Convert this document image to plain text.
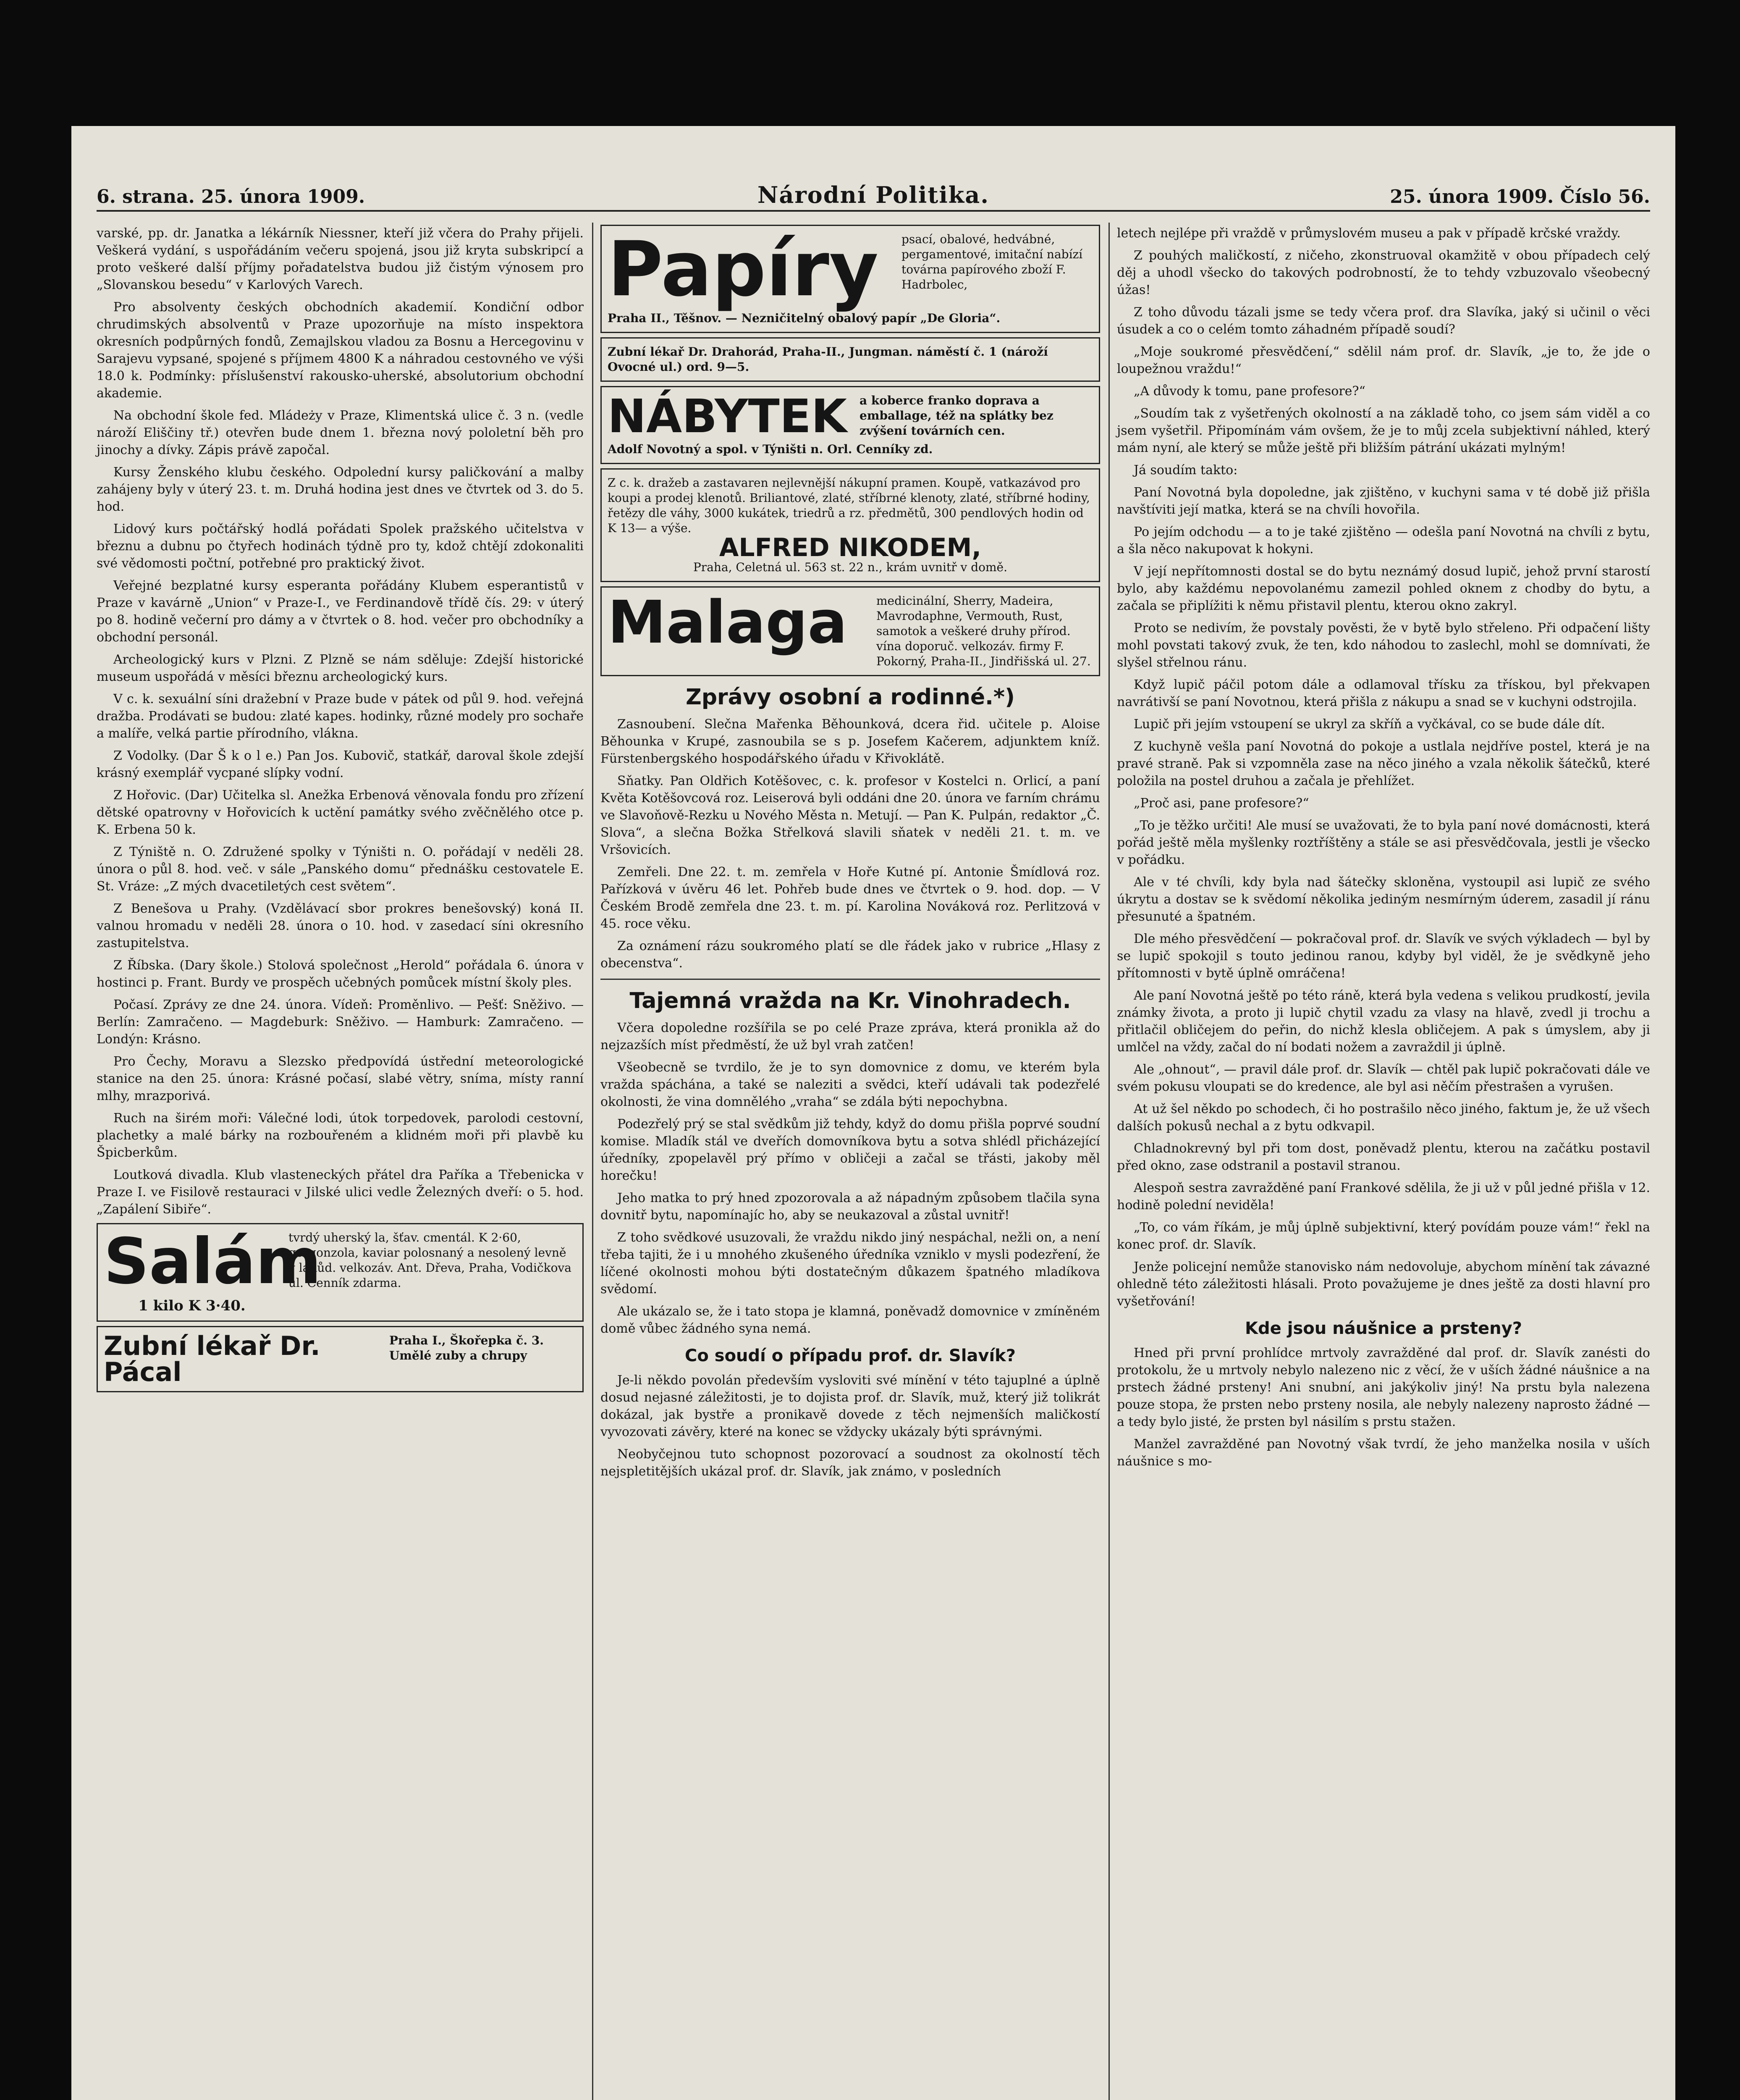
6. strana. 25. února 1909.	Národní Politika.	25. února 1909. Číslo 56.

varské, pp. dr. Janatka a lékárník Niessner, kteří již včera do Prahy přijeli. Veškerá vydání, s uspořádáním večeru spojená, jsou již kryta subskripcí a proto veškeré další příjmy pořadatelstva budou již čistým výnosem pro „Slovanskou besedu“ v Karlových Varech.

Pro absolventy českých obchodních akademií. Kondiční odbor chrudimských absolventů v Praze upozorňuje na místo inspektora okresních podpůrných fondů, Zemajlskou vladou za Bosnu a Hercegovinu v Sarajevu vypsané, spojené s příjmem 4800 K a náhradou cestovného ve výši 18.0 k. Podmínky: příslušenství rakousko-uherské, absolutorium obchodní akademie.

Na obchodní škole fed. Mládeży v Praze, Klimentská ulice č. 3 n. (vedle nároží Eliščiny tř.) otevřen bude dnem 1. března nový pololetní běh pro jinochy a dívky. Zápis právě započal.

Kursy Ženského klubu českého. Odpolední kursy paličkování a malby zahájeny byly v úterý 23. t. m. Druhá hodina jest dnes ve čtvrtek od 3. do 5. hod.

Lidový kurs počtářský hodlá pořádati Spolek pražského učitelstva v březnu a dubnu po čtyřech hodinách týdně pro ty, kdož chtějí zdokonaliti své vědomosti počtní, potřebné pro praktický život.

Veřejné bezplatné kursy esperanta pořádány Klubem esperantistů v Praze v kavárně „Union“ v Praze-I., ve Ferdinandově třídě čís. 29: v úterý po 8. hodině večerní pro dámy a v čtvrtek o 8. hod. večer pro obchodníky a obchodní personál.

Archeologický kurs v Plzni. Z Plzně se nám sděluje: Zdejší historické museum uspořádá v měsíci březnu archeologický kurs.

V c. k. sexuální síni dražební v Praze bude v pátek od půl 9. hod. veřejná dražba. Prodávati se budou: zlaté kapes. hodinky, různé modely pro sochaře a malíře, velká partie přírodního, vlákna.

Z Vodolky. (Dar Š k o l e.) Pan Jos. Kubovič, statkář, daroval škole zdejší krásný exemplář vycpané slípky vodní.

Z Hořovic. (Dar) Učitelka sl. Anežka Erbenová věnovala fondu pro zřízení dětské opatrovny v Hořovicích k uctění památky svého zvěčnělého otce p. K. Erbena 50 k.

Z Týniště n. O. Združené spolky v Týništi n. O. pořádají v neděli 28. února o půl 8. hod. več. v sále „Panského domu“ přednášku cestovatele E. St. Vráze: „Z mých dvacetiletých cest světem“.

Z Benešova u Prahy. (Vzdělávací sbor prokres benešovský) koná II. valnou hromadu v neděli 28. února o 10. hod. v zasedací síni okresního zastupitelstva.

Z Říbska. (Dary škole.) Stolová společnost „Herold“ pořádala 6. února v hostinci p. Frant. Burdy ve prospěch učebných pomůcek místní školy ples.

Počasí. Zprávy ze dne 24. února. Vídeň: Proměnlivo. — Pešť: Sněživo. — Berlín: Zamračeno. — Magdeburk: Sněživo. — Hamburk: Zamračeno. — Londýn: Krásno.

Pro Čechy, Moravu a Slezsko předpovídá ústřední meteorologické stanice na den 25. února: Krásné počasí, slabé větry, sníma, místy ranní mlhy, mrazporivá.

Ruch na širém moři: Válečné lodi, útok torpedovek, parolodi cestovní, plachetky a malé bárky na rozbouřeném a klidném moři při plavbě ku Špicberkům.

Loutková divadla. Klub vlasteneckých přátel dra Paříka a Třebenicka v Praze I. ve Fisilově restauraci v Jilské ulici vedle Železných dveří: o 5. hod. „Zapálení Sibiře“.

Salám
1 kilo K 3·40.
tvrdý uherský la, šťav. cmentál. K 2·60, gorgonzola, kaviar polosnaný a nesolený levně v lahůd. velkozáv. Ant. Dřeva, Praha, Vodičkova ul. Cenník zdarma.
Zubní lékař Dr. Pácal
Praha I., Škořepka č. 3. Umělé zuby a chrupy
Papíry	psací, obalové, hedvábné, pergamentové, imitační nabízí továrna papírového zboží F. Hadrbolec,
Praha II., Těšnov. — Nezničitelný obalový papír „De Gloria“.
Zubní lékař Dr. Drahorád, Praha-II., Jungman. náměstí č. 1 (nároží Ovocné ul.) ord. 9—5.
NÁBYTEK	a koberce franko doprava a emballage, též na splátky bez zvýšení továrních cen.
Adolf Novotný a spol. v Týništi n. Orl. Cenníky zd.
Z c. k. dražeb a zastavaren nejlevnější nákupní pramen. Koupě, vatkazávod pro koupi a prodej klenotů. Briliantové, zlaté, stříbrné klenoty, zlaté, stříbrné hodiny, řetězy dle váhy, 3000 kukátek, triedrů a rz. předmětů, 300 pendlových hodin od K 13— a výše.
ALFRED NIKODEM,
Praha, Celetná ul. 563 st. 22 n., krám uvnitř v domě.
Malaga	medicinální, Sherry, Madeira, Mavrodaphne, Vermouth, Rust, samotok a veškeré druhy přírod. vína doporuč. velkozáv. firmy F. Pokorný, Praha-II., Jindřišská ul. 27.
Zprávy osobní a rodinné.*)

Zasnoubení. Slečna Mařenka Běhounková, dcera řid. učitele p. Aloise Běhounka v Krupé, zasnoubila se s p. Josefem Kačerem, adjunktem kníž. Fürstenbergského hospodářského úřadu v Křivoklátě.

Sňatky. Pan Oldřich Kotěšovec, c. k. profesor v Kostelci n. Orlicí, a paní Květa Kotěšovcová roz. Leiserová byli oddáni dne 20. února ve farním chrámu ve Slavoňově-Rezku u Nového Města n. Metují. — Pan K. Pulpán, redaktor „Č. Slova“, a slečna Božka Střelková slavili sňatek v neděli 21. t. m. ve Vršovicích.

Zemřeli. Dne 22. t. m. zemřela v Hoře Kutné pí. Antonie Šmídlová roz. Pařízková v úvěru 46 let. Pohřeb bude dnes ve čtvrtek o 9. hod. dop. — V Českém Brodě zemřela dne 23. t. m. pí. Karolina Nováková roz. Perlitzová v 45. roce věku.

Za oznámení rázu soukromého platí se dle řádek jako v rubrice „Hlasy z obecenstva“.

Tajemná vražda na Kr. Vinohradech.

Včera dopoledne rozšířila se po celé Praze zpráva, která pronikla až do nejzazších míst předměstí, že už byl vrah zatčen!

Všeobecně se tvrdilo, že je to syn domovnice z domu, ve kterém byla vražda spáchána, a také se naleziti a svědci, kteří udávali tak podezřelé okolnosti, že vina domnělého „vraha“ se zdála býti nepochybna.

Podezřelý prý se stal svědkům již tehdy, když do domu přišla poprvé soudní komise. Mladík stál ve dveřích domovníkova bytu a sotva shlédl přicházející úředníky, zpopelavěl prý přímo v obličeji a začal se třásti, jakoby měl horečku!

Jeho matka to prý hned zpozorovala a až nápadným způsobem tlačila syna dovnitř bytu, napomínajíc ho, aby se neukazoval a zůstal uvnitř!

Z toho svědkové usuzovali, že vraždu nikdo jiný nespáchal, nežli on, a není třeba tajiti, že i u mnohého zkušeného úředníka vzniklo v mysli podezření, že líčené okolnosti mohou býti dostatečným důkazem špatného mladíkova svědomí.

Ale ukázalo se, že i tato stopa je klamná, poněvadž domovnice v zmíněném domě vůbec žádného syna nemá.

Co soudí o případu prof. dr. Slavík?

Je-li někdo povolán především vysloviti své mínění v této tajuplné a úplně dosud nejasné záležitosti, je to dojista prof. dr. Slavík, muž, který již tolikrát dokázal, jak bystře a pronikavě dovede z těch nejmenších maličkostí vyvozovati závěry, které na konec se vždycky ukázaly býti správnými.

Neobyčejnou tuto schopnost pozorovací a soudnost za okolností těch nejspletitějších ukázal prof. dr. Slavík, jak známo, v posledních

letech nejlépe při vraždě v průmyslovém museu a pak v případě krčské vraždy.

Z pouhých maličkostí, z ničeho, zkonstruoval okamžitě v obou případech celý děj a uhodl všecko do takových podrobností, že to tehdy vzbuzovalo všeobecný úžas!

Z toho důvodu tázali jsme se tedy včera prof. dra Slavíka, jaký si učinil o věci úsudek a co o celém tomto záhadném případě soudí?

„Moje soukromé přesvědčení,“ sdělil nám prof. dr. Slavík, „je to, že jde o loupežnou vraždu!“

„A důvody k tomu, pane profesore?“

„Soudím tak z vyšetřených okolností a na základě toho, co jsem sám viděl a co jsem vyšetřil. Připomínám vám ovšem, že je to můj zcela subjektivní náhled, který mám nyní, ale který se může ještě při bližším pátrání ukázati mylným!

Já soudím takto:

Paní Novotná byla dopoledne, jak zjištěno, v kuchyni sama v té době již přišla navštíviti její matka, která se na chvíli hovořila.

Po jejím odchodu — a to je také zjištěno — odešla paní Novotná na chvíli z bytu, a šla něco nakupovat k hokyni.

V její nepřítomnosti dostal se do bytu neznámý dosud lupič, jehož první starostí bylo, aby každému nepovolanému zamezil pohled oknem z chodby do bytu, a začala se připlížiti k němu přistavil plentu, kterou okno zakryl.

Proto se nedivím, že povstaly pověsti, že v bytě bylo střeleno. Při odpačení lišty mohl povstati takový zvuk, že ten, kdo náhodou to zaslechl, mohl se domnívati, že slyšel střelnou ránu.

Když lupič páčil potom dále a odlamoval třísku za třískou, byl překvapen navrátivší se paní Novotnou, která přišla z nákupu a snad se v kuchyni odstrojila.

Lupič při jejím vstoupení se ukryl za skříň a vyčkával, co se bude dále dít.

Z kuchyně vešla paní Novotná do pokoje a ustlala nejdříve postel, která je na pravé straně. Pak si vzpomněla zase na něco jiného a vzala několik šátečků, které položila na postel druhou a začala je přehlížet.

„Proč asi, pane profesore?“

„To je těžko určiti! Ale musí se uvažovati, že to byla paní nové domácnosti, která pořád ještě měla myšlenky roztříštěny a stále se asi přesvědčovala, jestli je všecko v pořádku.

Ale v té chvíli, kdy byla nad šátečky skloněna, vystoupil asi lupič ze svého úkrytu a dostav se k svědomí několika jediným nesmírným úderem, zasadil jí ránu přesunuté a špatném.

Dle mého přesvědčení — pokračoval prof. dr. Slavík ve svých výkladech — byl by se lupič spokojil s touto jedinou ranou, kdyby byl viděl, že je svědkyně jeho přítomnosti v bytě úplně omráčena!

Ale paní Novotná ještě po této ráně, která byla vedena s velikou prudkostí, jevila známky života, a proto ji lupič chytil vzadu za vlasy na hlavě, zvedl ji trochu a přitlačil obličejem do peřin, do nichž klesla obličejem. A pak s úmyslem, aby ji umlčel na vždy, začal do ní bodati nožem a zavraždil ji úplně.

Ale „ohnout“, — pravil dále prof. dr. Slavík — chtěl pak lupič pokračovati dále ve svém pokusu vloupati se do kredence, ale byl asi něčím přestrašen a vyrušen.

At už šel někdo po schodech, či ho postrašilo něco jiného, faktum je, že už všech dalších pokusů nechal a z bytu odkvapil.

Chladnokrevný byl při tom dost, poněvadž plentu, kterou na začátku postavil před okno, zase odstranil a postavil stranou.

Alespoň sestra zavražděné paní Frankové sdělila, že ji už v půl jedné přišla v 12. hodině polední neviděla!

„To, co vám říkám, je můj úplně subjektivní, který povídám pouze vám!“ řekl na konec prof. dr. Slavík.

Jenže policejní nemůže stanovisko nám nedovoluje, abychom mínění tak závazné ohledně této záležitosti hlásali. Proto považujeme je dnes ještě za dosti hlavní pro vyšetřování!

Kde jsou náušnice a prsteny?

Hned při první prohlídce mrtvoly zavražděné dal prof. dr. Slavík zanésti do protokolu, že u mrtvoly nebylo nalezeno nic z věcí, že v uších žádné náušnice a na prstech žádné prsteny! Ani snubní, ani jakýkoliv jiný! Na prstu byla nalezena pouze stopa, že prsten nebo prsteny nosila, ale nebyly nalezeny naprosto žádné — a tedy bylo jisté, že prsten byl násilím s prstu stažen.

Manžel zavražděné pan Novotný však tvrdí, že jeho manželka nosila v uších náušnice s mo-
